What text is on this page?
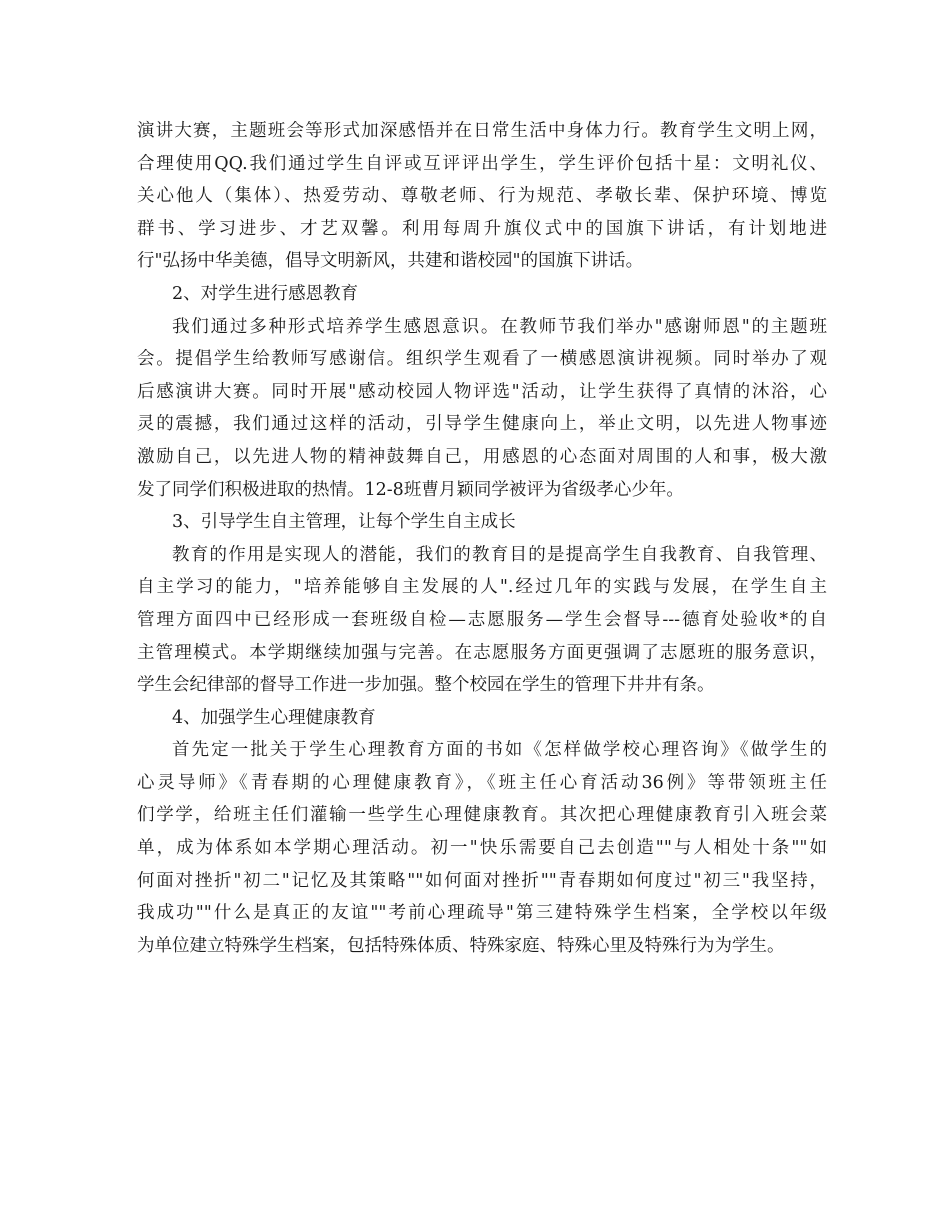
演讲大赛，主题班会等形式加深感悟并在日常生活中身体力行。教育学生文明上网，
合理使用QQ.我们通过学生自评或互评评出学生，学生评价包括十星：文明礼仪、
关心他人（集体）、热爱劳动、尊敬老师、行为规范、孝敬长辈、保护环境、博览
群书、学习进步、才艺双馨。利用每周升旗仪式中的国旗下讲话，有计划地进
行"弘扬中华美德，倡导文明新风，共建和谐校园"的国旗下讲话。
2、对学生进行感恩教育
我们通过多种形式培养学生感恩意识。在教师节我们举办"感谢师恩"的主题班
会。提倡学生给教师写感谢信。组织学生观看了一横感恩演讲视频。同时举办了观
后感演讲大赛。同时开展"感动校园人物评选"活动，让学生获得了真情的沐浴，心
灵的震撼，我们通过这样的活动，引导学生健康向上，举止文明，以先进人物事迹
激励自己，以先进人物的精神鼓舞自己，用感恩的心态面对周围的人和事，极大激
发了同学们积极进取的热情。12-8班曹月颖同学被评为省级孝心少年。
3、引导学生自主管理，让每个学生自主成长
教育的作用是实现人的潜能，我们的教育目的是提高学生自我教育、自我管理、
自主学习的能力，"培养能够自主发展的人".经过几年的实践与发展，在学生自主
管理方面四中已经形成一套班级自检—志愿服务—学生会督导---德育处验收*的自
主管理模式。本学期继续加强与完善。在志愿服务方面更强调了志愿班的服务意识，
学生会纪律部的督导工作进一步加强。整个校园在学生的管理下井井有条。
4、加强学生心理健康教育
首先定一批关于学生心理教育方面的书如《怎样做学校心理咨询》《做学生的
心灵导师》《青春期的心理健康教育》，《班主任心育活动36例》等带领班主任
们学学，给班主任们灌输一些学生心理健康教育。其次把心理健康教育引入班会菜
单，成为体系如本学期心理活动。初一"快乐需要自己去创造""与人相处十条""如
何面对挫折"初二"记忆及其策略""如何面对挫折""青春期如何度过"初三"我坚持，
我成功""什么是真正的友谊""考前心理疏导"第三建特殊学生档案，全学校以年级
为单位建立特殊学生档案，包括特殊体质、特殊家庭、特殊心里及特殊行为为学生。
